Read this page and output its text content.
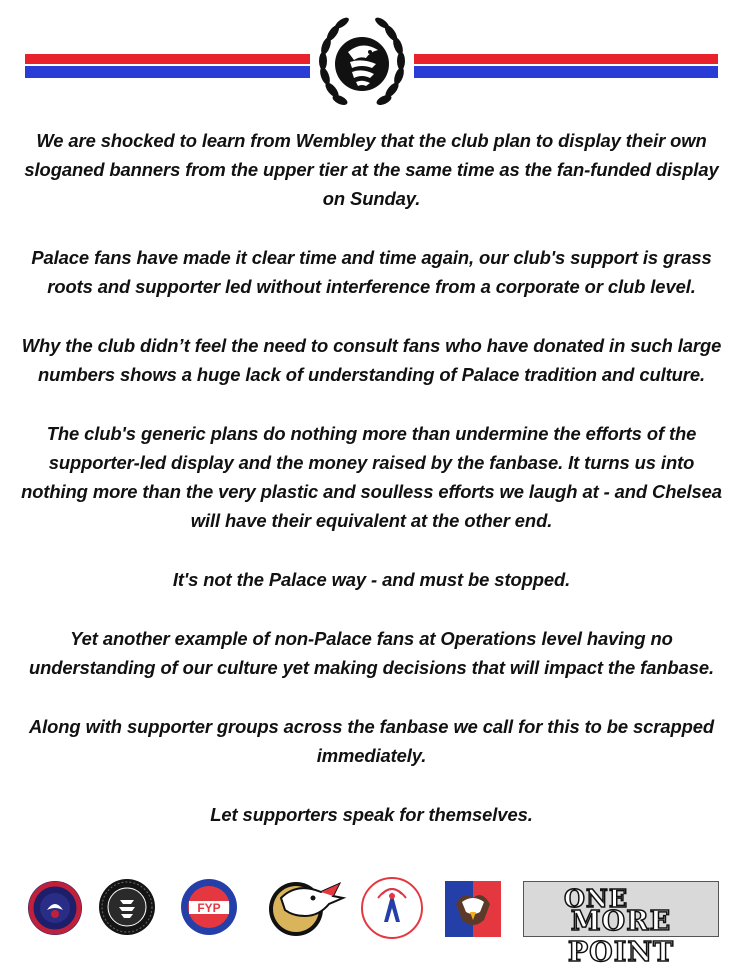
We are shocked to learn from Wembley that the club plan to display their own sloganed banners from the upper tier at the same time as the fan-funded display on Sunday.

Palace fans have made it clear time and time again, our club's support is grass roots and supporter led without interference from a corporate or club level.

Why the club didn’t feel the need to consult fans who have donated in such large numbers shows a huge lack of understanding of Palace tradition and culture.

The club's generic plans do nothing more than undermine the efforts of the supporter-led display and the money raised by the fanbase. It turns us into nothing more than the very plastic and soulless efforts we laugh at - and Chelsea will have their equivalent at the other end.

It's not the Palace way - and must be stopped.

Yet another example of non-Palace fans at Operations level having no understanding of our culture yet making decisions that will impact the fanbase.

Along with supporter groups across the fanbase we call for this to be scrapped immediately.

Let supporters speak for themselves.

FYP	ONE
MORE POINT
